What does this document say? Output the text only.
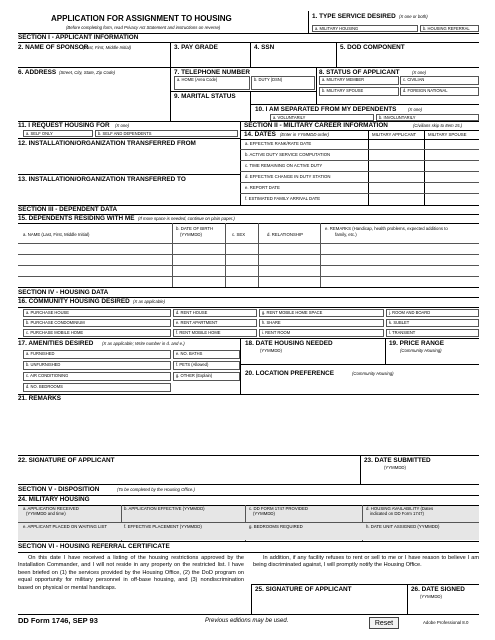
APPLICATION FOR ASSIGNMENT TO HOUSING
(Before completing form, read Privacy Act Statement and instructions on reverse)
1. TYPE SERVICE DESIRED (X one or both)
a. MILITARY HOUSING	b. HOUSING REFERRAL
SECTION I - APPLICANT INFORMATION
2. NAME OF SPONSOR
(Last, First, Middle Initial)	3. PAY GRADE	4. SSN	5. DOD COMPONENT
6. ADDRESS (Street, City, State, Zip Code)	7. TELEPHONE NUMBER
a. HOME (Area Code)	b. DUTY (DSN)
9. MARITAL STATUS
8. STATUS OF APPLICANT	(X one)
a. MILITARY MEMBER	c. CIVILIAN
b. MILITARY SPOUSE	d. FOREIGN NATIONAL
10. I AM SEPARATED FROM MY DEPENDENTS	(X one)
a. VOLUNTARILY	b. INVOLUNTARILY
11. I REQUEST HOUSING FOR (X one)
a. SELF ONLY	b. SELF AND DEPENDENTS
12. INSTALLATION/ORGANIZATION TRANSFERRED FROM
13. INSTALLATION/ORGANIZATION TRANSFERRED TO
SECTION II - MILITARY CAREER INFORMATION	(Civilians skip to Item 15.)
14. DATES (Enter in YYMMDD order)	MILITARY APPLICANT	MILITARY SPOUSE
a. EFFECTIVE RANK/RATE DATE
b. ACTIVE DUTY SERVICE COMPUTATION
c. TIME REMAINING ON ACTIVE DUTY
d. EFFECTIVE CHANGE IN DUTY STATION
e. REPORT DATE
f. ESTIMATED FAMILY ARRIVAL DATE
SECTION III - DEPENDENT DATA
15. DEPENDENTS RESIDING WITH ME (If more space is needed, continue on plain paper.)
a. NAME (Last, First, Middle Initial)
b. DATE OF BIRTH
(YYMMDD)	c. SEX	d. RELATIONSHIP
e. REMARKS (Handicap, health problems, expected additions to
family, etc.)
SECTION IV - HOUSING DATA
16. COMMUNITY HOUSING DESIRED (X as applicable)
a. PURCHASE HOUSE
b. PURCHASE CONDOMINIUM
c. PURCHASE MOBILE HOME
d. RENT HOUSE
e. RENT APARTMENT
f. RENT MOBILE HOME
g. RENT MOBILE HOME SPACE
h. SHARE
i. RENT ROOM
j. ROOM AND BOARD
k. SUBLET
l. TRANSIENT
17. AMENITIES DESIRED (X as applicable; Write number in d. and e.)
a. FURNISHED
b. UNFURNISHED
c. AIR CONDITIONING
d. NO. BEDROOMS
e. NO. BATHS
f. PETS (Allowed)
g. OTHER (Explain)
18. DATE HOUSING NEEDED
(YYMMDD)
19. PRICE RANGE
(Community Housing)
20. LOCATION PREFERENCE	(Community Housing)
21. REMARKS
22. SIGNATURE OF APPLICANT	23. DATE SUBMITTED
(YYMMDD)
SECTION V - DISPOSITION	(To be completed by the Housing Office.)
24. MILITARY HOUSING
a. APPLICATION RECEIVED
(YYMMDD and time)
b. APPLICATION EFFECTIVE (YYMMDD)	c. DD FORM 1747 PROVIDED
(YYMMDD)
d. HOUSING AVAILABILITY (Dates
indicated on DD Form 1747)
e. APPLICANT PLACED ON WAITING LIST	f. EFFECTIVE PLACEMENT (YYMMDD)	g. BEDROOMS REQUIRED	h. DATE UNIT ASSIGNED (YYMMDD)
SECTION VI - HOUSING REFERRAL CERTIFICATE
On this date I have received a listing of the housing restrictions approved by the Installation Commander, and I will not reside in any property on the restricted list. I have been briefed on (1) the services provided by the Housing Office, (2) the DoD program on equal opportunity for military personnel in off-base housing, and (3) nondiscrimination based on physical or mental handicaps.
In addition, if any facility refuses to rent or sell to me or I have reason to believe I am being discriminated against, I will promptly notify the Housing Office.
25. SIGNATURE OF APPLICANT	26. DATE SIGNED
(YYMMDD)
DD Form 1746, SEP 93	Previous editions may be used.	Reset	Adobe Professional 8.0
